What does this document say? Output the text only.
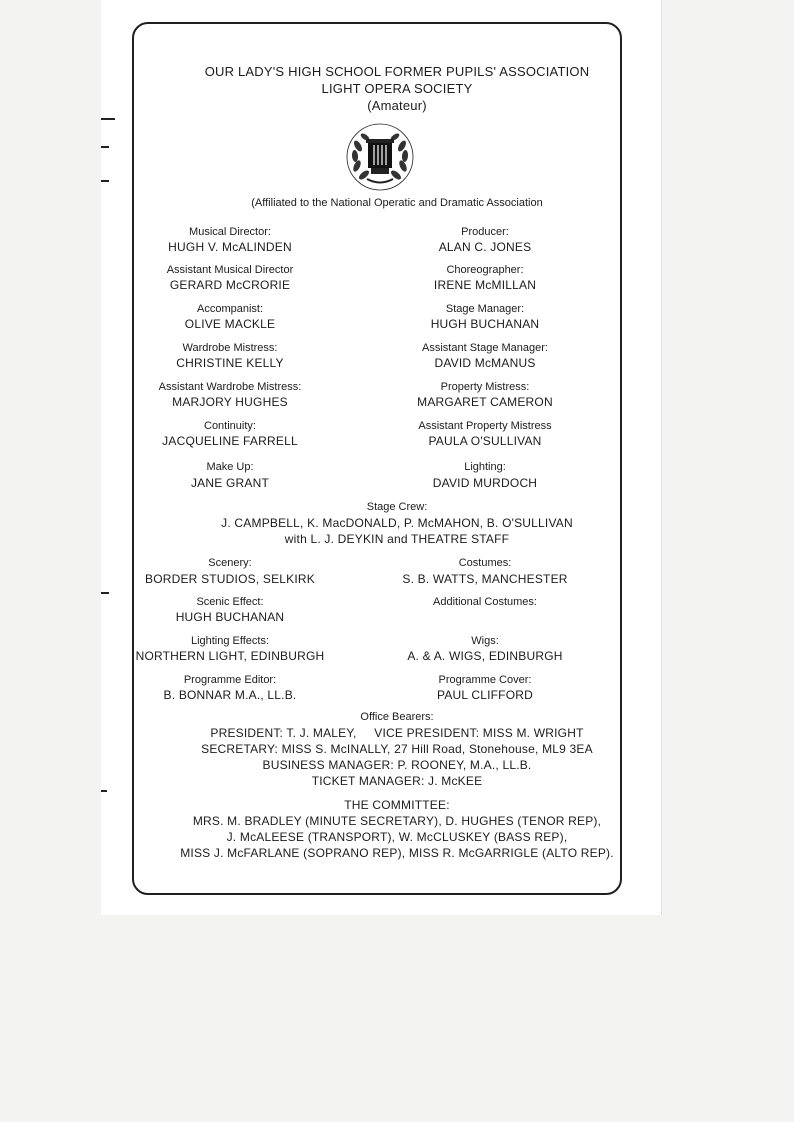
OUR LADY'S HIGH SCHOOL FORMER PUPILS' ASSOCIATION
LIGHT OPERA SOCIETY
(Amateur)
(Affiliated to the National Operatic and Dramatic Association
Musical Director:
HUGH V. McALINDEN
Producer:
ALAN C. JONES
Assistant Musical Director
GERARD McCRORIE
Choreographer:
IRENE McMILLAN
Accompanist:
OLIVE MACKLE
Stage Manager:
HUGH BUCHANAN
Wardrobe Mistress:
CHRISTINE KELLY
Assistant Stage Manager:
DAVID McMANUS
Assistant Wardrobe Mistress:
MARJORY HUGHES
Property Mistress:
MARGARET CAMERON
Continuity:
JACQUELINE FARRELL
Assistant Property Mistress
PAULA O'SULLIVAN
Make Up:
JANE GRANT
Lighting:
DAVID MURDOCH
Stage Crew:
J. CAMPBELL, K. MacDONALD, P. McMAHON, B. O'SULLIVAN
with L. J. DEYKIN and THEATRE STAFF
Scenery:
BORDER STUDIOS, SELKIRK
Costumes:
S. B. WATTS, MANCHESTER
Scenic Effect:
HUGH BUCHANAN
Additional Costumes:
Lighting Effects:
NORTHERN LIGHT, EDINBURGH
Wigs:
A. & A. WIGS, EDINBURGH
Programme Editor:
B. BONNAR M.A., LL.B.
Programme Cover:
PAUL CLIFFORD
Office Bearers:
PRESIDENT: T. J. MALEY,     VICE PRESIDENT: MISS M. WRIGHT
SECRETARY: MISS S. McINALLY, 27 Hill Road, Stonehouse, ML9 3EA
BUSINESS MANAGER: P. ROONEY, M.A., LL.B.
TICKET MANAGER: J. McKEE
THE COMMITTEE:
MRS. M. BRADLEY (MINUTE SECRETARY), D. HUGHES (TENOR REP),
J. McALEESE (TRANSPORT), W. McCLUSKEY (BASS REP),
MISS J. McFARLANE (SOPRANO REP), MISS R. McGARRIGLE (ALTO REP).
